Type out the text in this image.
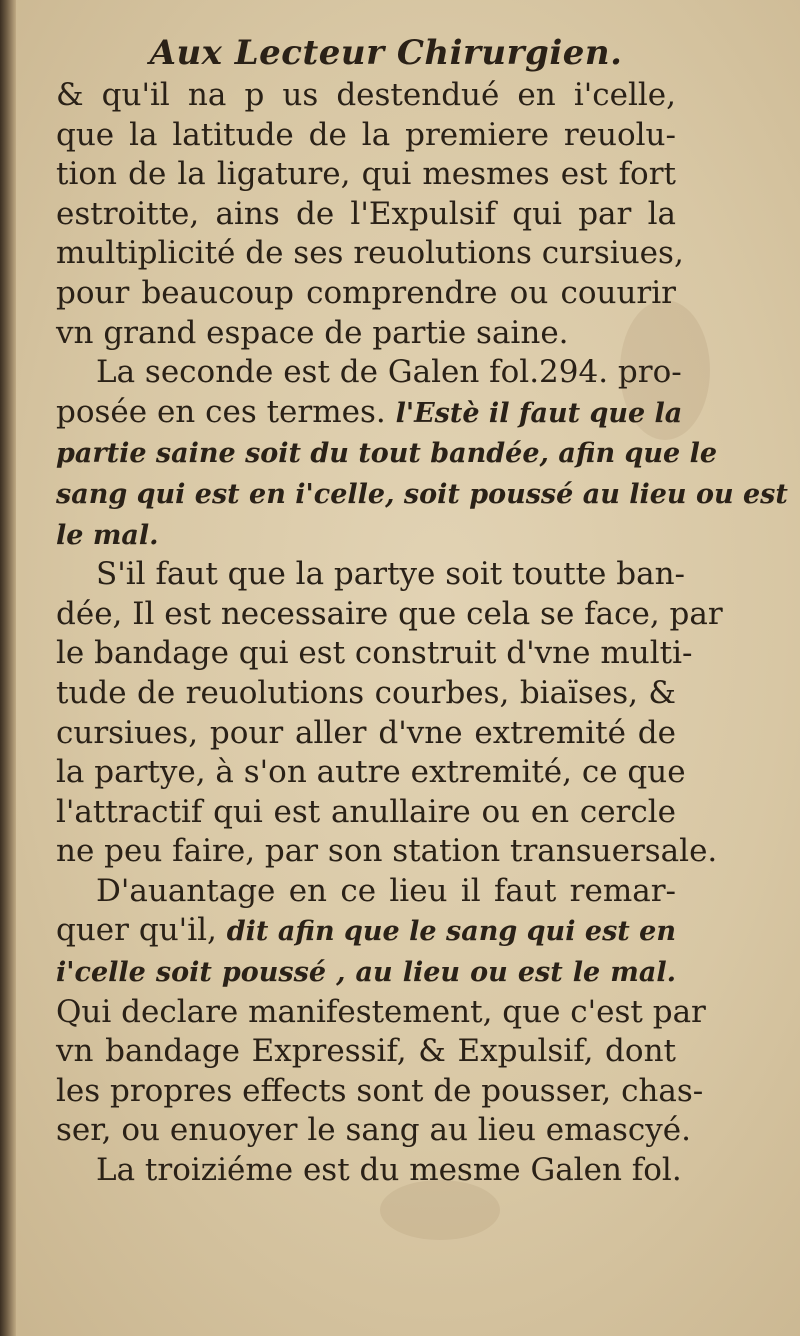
Aux Lecteur Chirurgien.
& qu'il na p us destendué en i'celle,
que la latitude de la premiere reuolu-
tion de la ligature, qui mesmes est fort
estroitte, ains de l'Expulsif qui par la
multiplicité de ses reuolutions cursiues,
pour beaucoup comprendre ou couurir
vn grand espace de partie saine.
La seconde est de Galen fol.294. pro-
posée en ces termes. l'Estè il faut que la
partie saine soit du tout bandée, afin que le
sang qui est en i'celle, soit poussé au lieu ou est
le mal.
S'il faut que la partye soit toutte ban-
dée, Il est necessaire que cela se face, par
le bandage qui est construit d'vne multi-
tude de reuolutions courbes, biaïses, &
cursiues, pour aller d'vne extremité de
la partye, à s'on autre extremité, ce que
l'attractif qui est anullaire ou en cercle
ne peu faire, par son station transuersale.
D'auantage en ce lieu il faut remar-
quer qu'il, dit afin que le sang qui est en
i'celle soit poussé , au lieu ou est le mal.
Qui declare manifestement, que c'est par
vn bandage Expressif, & Expulsif, dont
les propres effects sont de pousser, chas-
ser, ou enuoyer le sang au lieu emascyé.
La troiziéme est du mesme Galen fol.
